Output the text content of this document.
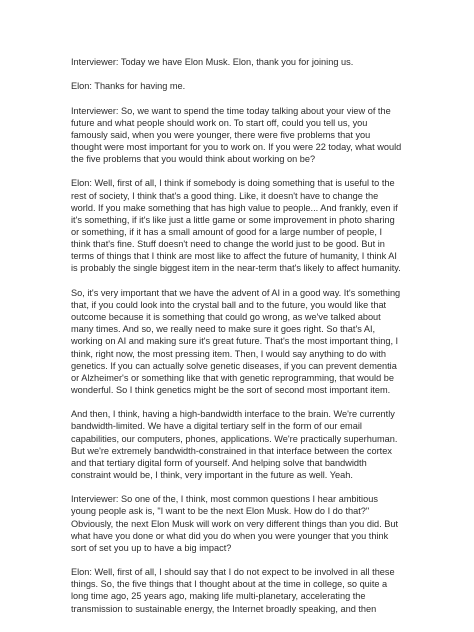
Interviewer: Today we have Elon Musk. Elon, thank you for joining us.

Elon: Thanks for having me.

Interviewer: So, we want to spend the time today talking about your view of the
future and what people should work on. To start off, could you tell us, you
famously said, when you were younger, there were five problems that you
thought were most important for you to work on. If you were 22 today, what would
the five problems that you would think about working on be?

Elon: Well, first of all, I think if somebody is doing something that is useful to the
rest of society, I think that's a good thing. Like, it doesn't have to change the
world. If you make something that has high value to people... And frankly, even if
it's something, if it's like just a little game or some improvement in photo sharing
or something, if it has a small amount of good for a large number of people, I
think that's fine. Stuff doesn't need to change the world just to be good. But in
terms of things that I think are most like to affect the future of humanity, I think AI
is probably the single biggest item in the near-term that's likely to affect humanity.

So, it's very important that we have the advent of AI in a good way. It's something
that, if you could look into the crystal ball and to the future, you would like that
outcome because it is something that could go wrong, as we've talked about
many times. And so, we really need to make sure it goes right. So that's AI,
working on AI and making sure it's great future. That's the most important thing, I
think, right now, the most pressing item. Then, I would say anything to do with
genetics. If you can actually solve genetic diseases, if you can prevent dementia
or Alzheimer's or something like that with genetic reprogramming, that would be
wonderful. So I think genetics might be the sort of second most important item.

And then, I think, having a high-bandwidth interface to the brain. We're currently
bandwidth-limited. We have a digital tertiary self in the form of our email
capabilities, our computers, phones, applications. We're practically superhuman.
But we're extremely bandwidth-constrained in that interface between the cortex
and that tertiary digital form of yourself. And helping solve that bandwidth
constraint would be, I think, very important in the future as well. Yeah.

Interviewer: So one of the, I think, most common questions I hear ambitious
young people ask is, "I want to be the next Elon Musk. How do I do that?"
Obviously, the next Elon Musk will work on very different things than you did. But
what have you done or what did you do when you were younger that you think
sort of set you up to have a big impact?

Elon: Well, first of all, I should say that I do not expect to be involved in all these
things. So, the five things that I thought about at the time in college, so quite a
long time ago, 25 years ago, making life multi-planetary, accelerating the
transmission to sustainable energy, the Internet broadly speaking, and then
